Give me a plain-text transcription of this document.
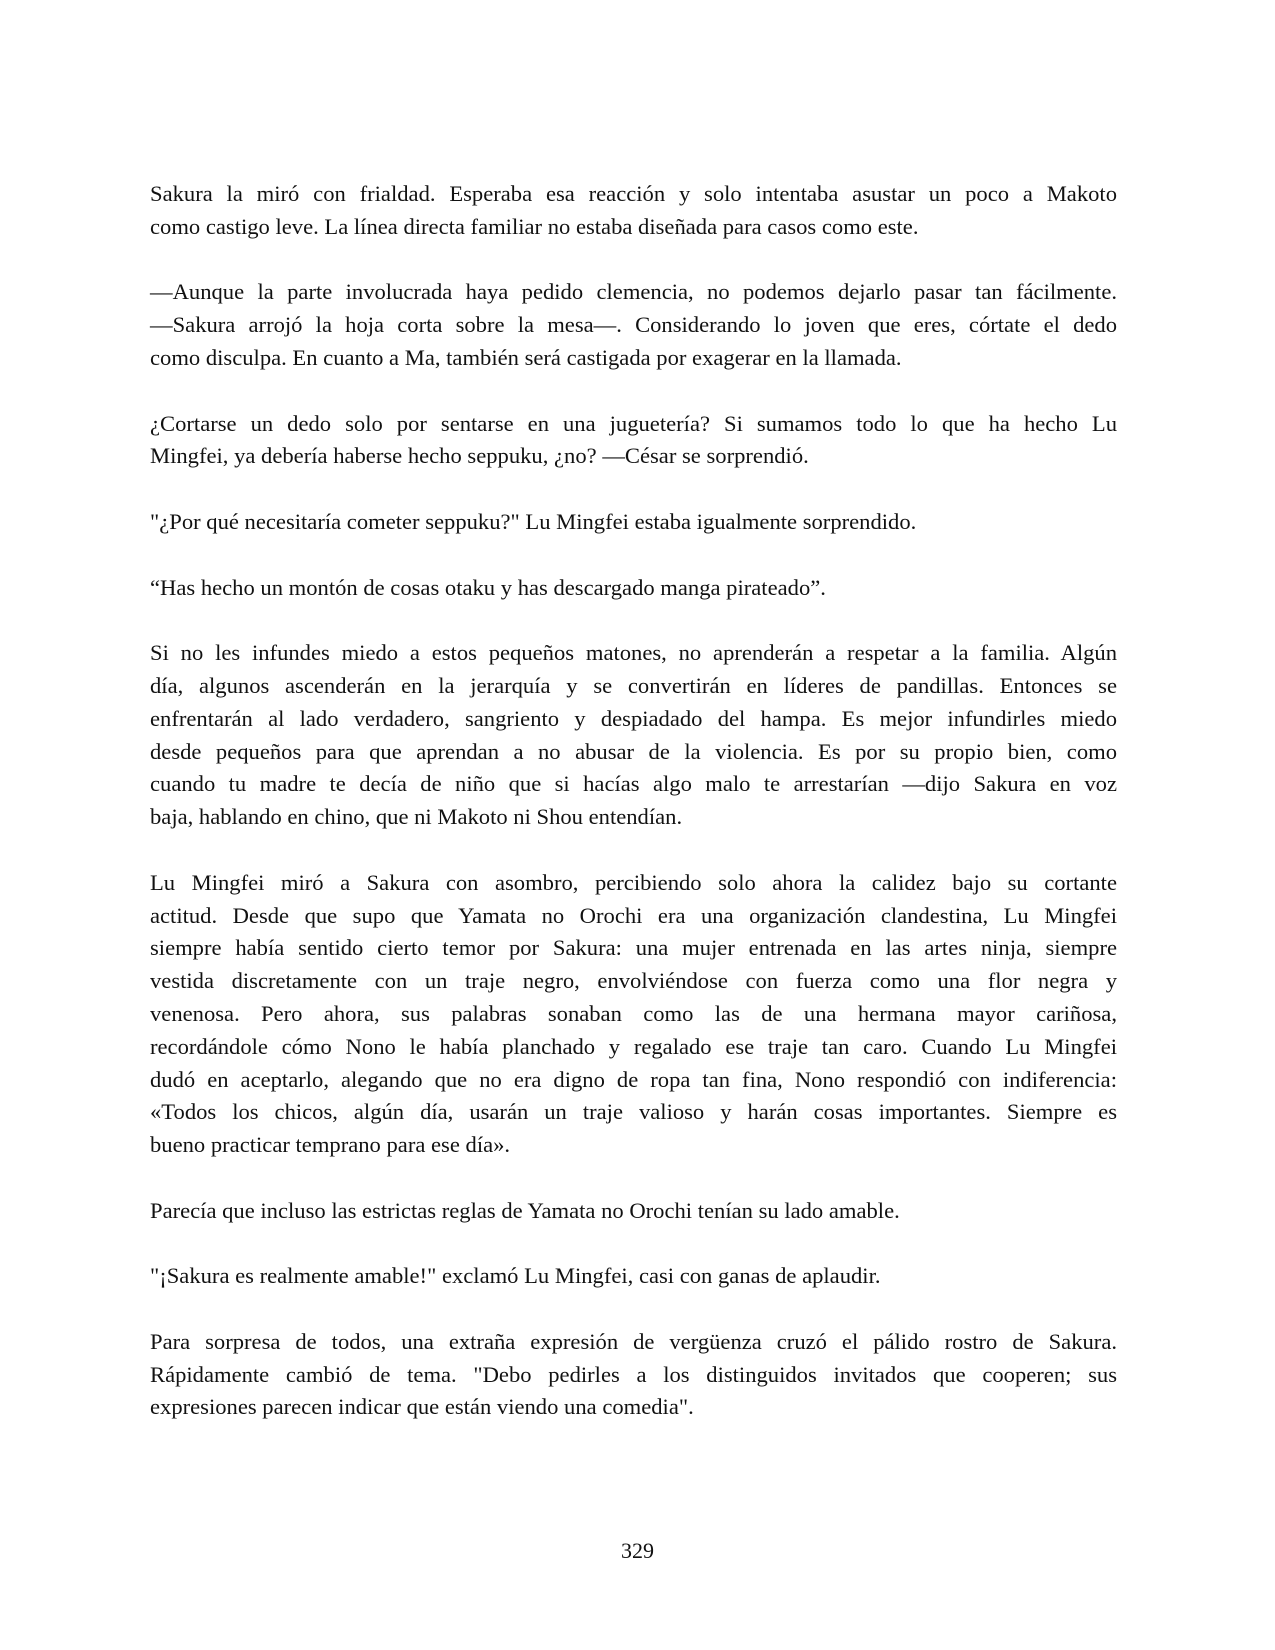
Sakura la miró con frialdad. Esperaba esa reacción y solo intentaba asustar un poco a Makoto
como castigo leve. La línea directa familiar no estaba diseñada para casos como este.

—Aunque la parte involucrada haya pedido clemencia, no podemos dejarlo pasar tan fácilmente.
—Sakura arrojó la hoja corta sobre la mesa—. Considerando lo joven que eres, córtate el dedo
como disculpa. En cuanto a Ma, también será castigada por exagerar en la llamada.

¿Cortarse un dedo solo por sentarse en una juguetería? Si sumamos todo lo que ha hecho Lu
Mingfei, ya debería haberse hecho seppuku, ¿no? —César se sorprendió.

"¿Por qué necesitaría cometer seppuku?" Lu Mingfei estaba igualmente sorprendido.

“Has hecho un montón de cosas otaku y has descargado manga pirateado”.

Si no les infundes miedo a estos pequeños matones, no aprenderán a respetar a la familia. Algún
día, algunos ascenderán en la jerarquía y se convertirán en líderes de pandillas. Entonces se
enfrentarán al lado verdadero, sangriento y despiadado del hampa. Es mejor infundirles miedo
desde pequeños para que aprendan a no abusar de la violencia. Es por su propio bien, como
cuando tu madre te decía de niño que si hacías algo malo te arrestarían —dijo Sakura en voz
baja, hablando en chino, que ni Makoto ni Shou entendían.

Lu Mingfei miró a Sakura con asombro, percibiendo solo ahora la calidez bajo su cortante
actitud. Desde que supo que Yamata no Orochi era una organización clandestina, Lu Mingfei
siempre había sentido cierto temor por Sakura: una mujer entrenada en las artes ninja, siempre
vestida discretamente con un traje negro, envolviéndose con fuerza como una flor negra y
venenosa. Pero ahora, sus palabras sonaban como las de una hermana mayor cariñosa,
recordándole cómo Nono le había planchado y regalado ese traje tan caro. Cuando Lu Mingfei
dudó en aceptarlo, alegando que no era digno de ropa tan fina, Nono respondió con indiferencia:
«Todos los chicos, algún día, usarán un traje valioso y harán cosas importantes. Siempre es
bueno practicar temprano para ese día».

Parecía que incluso las estrictas reglas de Yamata no Orochi tenían su lado amable.

"¡Sakura es realmente amable!" exclamó Lu Mingfei, casi con ganas de aplaudir.

Para sorpresa de todos, una extraña expresión de vergüenza cruzó el pálido rostro de Sakura.
Rápidamente cambió de tema. "Debo pedirles a los distinguidos invitados que cooperen; sus
expresiones parecen indicar que están viendo una comedia".

329
